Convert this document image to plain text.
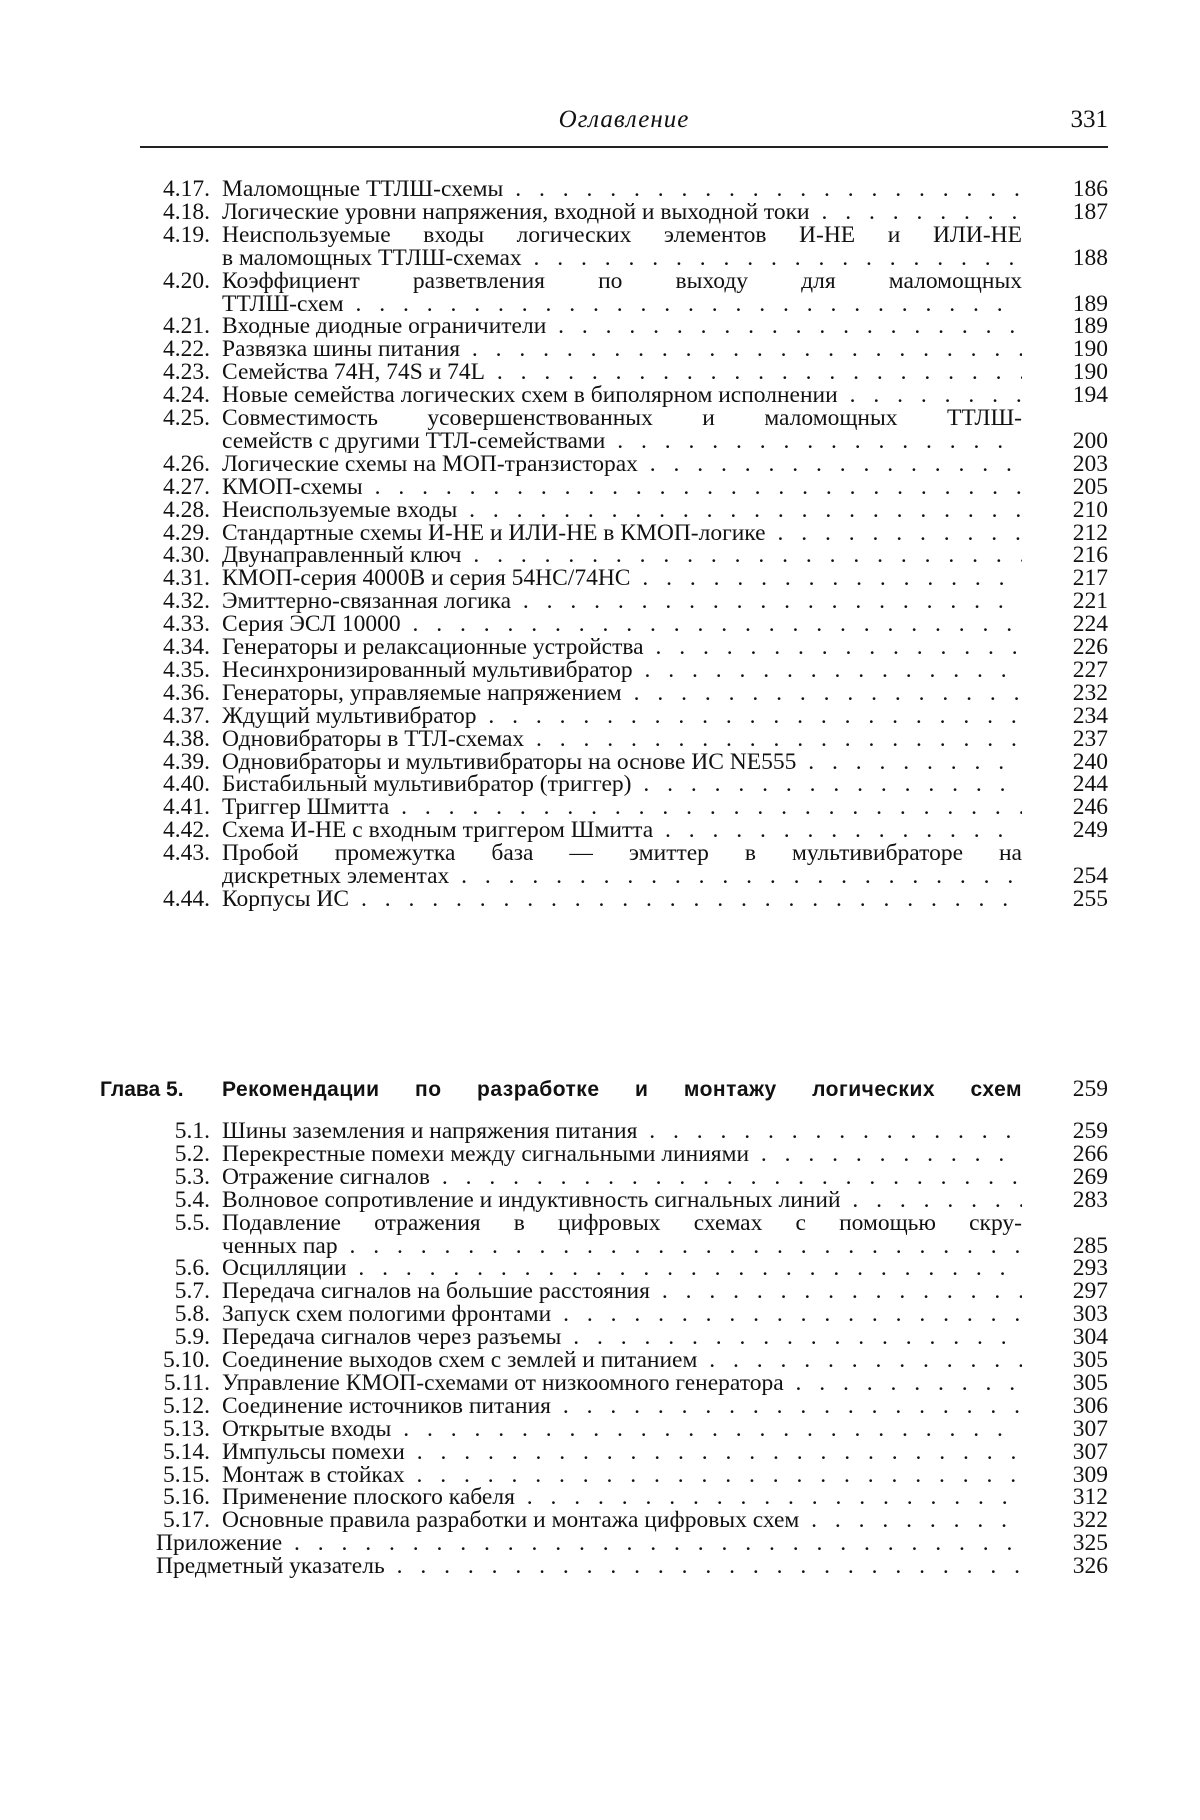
Оглавление	331
4.17. Маломощные ТТЛШ-схемы . . .	186
4.18. Логические уровни напряжения, входной и выходной токи . . .	187
4.19. Неиспользуемые входы логических элементов И-НЕ и ИЛИ-НЕ
в маломощных ТТЛШ-схемах . . .	188
4.20. Коэффициент разветвления по выходу для маломощных
ТТЛШ-схем . . .	189
4.21. Входные диодные ограничители . . .	189
4.22. Развязка шины питания . . .	190
4.23. Семейства 74H, 74S и 74L . . .	190
4.24. Новые семейства логических схем в биполярном исполнении . . .	194
4.25. Совместимость усовершенствованных и маломощных ТТЛШ-
семейств с другими ТТЛ-семействами . . .	200
4.26. Логические схемы на МОП-транзисторах . . .	203
4.27. КМОП-схемы . . .	205
4.28. Неиспользуемые входы . . .	210
4.29. Стандартные схемы И-НЕ и ИЛИ-НЕ в КМОП-логике . . .	212
4.30. Двунаправленный ключ . . .	216
4.31. КМОП-серия 4000B и серия 54HC/74HC . . .	217
4.32. Эмиттерно-связанная логика . . .	221
4.33. Серия ЭСЛ 10000 . . .	224
4.34. Генераторы и релаксационные устройства . . .	226
4.35. Несинхронизированный мультивибратор . . .	227
4.36. Генераторы, управляемые напряжением . . .	232
4.37. Ждущий мультивибратор . . .	234
4.38. Одновибраторы в ТТЛ-схемах . . .	237
4.39. Одновибраторы и мультивибраторы на основе ИС NE555 . . .	240
4.40. Бистабильный мультивибратор (триггер) . . .	244
4.41. Триггер Шмитта . . .	246
4.42. Схема И-НЕ с входным триггером Шмитта . . .	249
4.43. Пробой промежутка база — эмиттер в мультивибраторе на
дискретных элементах . . .	254
4.44. Корпусы ИС . . .	255
Глава 5. Рекомендации по разработке и монтажу логических схем	259
5.1. Шины заземления и напряжения питания . . .	259
5.2. Перекрестные помехи между сигнальными линиями . . .	266
5.3. Отражение сигналов . . .	269
5.4. Волновое сопротивление и индуктивность сигнальных линий . . .	283
5.5. Подавление отражения в цифровых схемах с помощью скру-
ченных пар . . .	285
5.6. Осцилляции . . .	293
5.7. Передача сигналов на большие расстояния . . .	297
5.8. Запуск схем пологими фронтами . . .	303
5.9. Передача сигналов через разъемы . . .	304
5.10. Соединение выходов схем с землей и питанием . . .	305
5.11. Управление КМОП-схемами от низкоомного генератора . . .	305
5.12. Соединение источников питания . . .	306
5.13. Открытые входы . . .	307
5.14. Импульсы помехи . . .	307
5.15. Монтаж в стойках . . .	309
5.16. Применение плоского кабеля . . .	312
5.17. Основные правила разработки и монтажа цифровых схем . . .	322
Приложение . . .	325
Предметный указатель . . .	326
